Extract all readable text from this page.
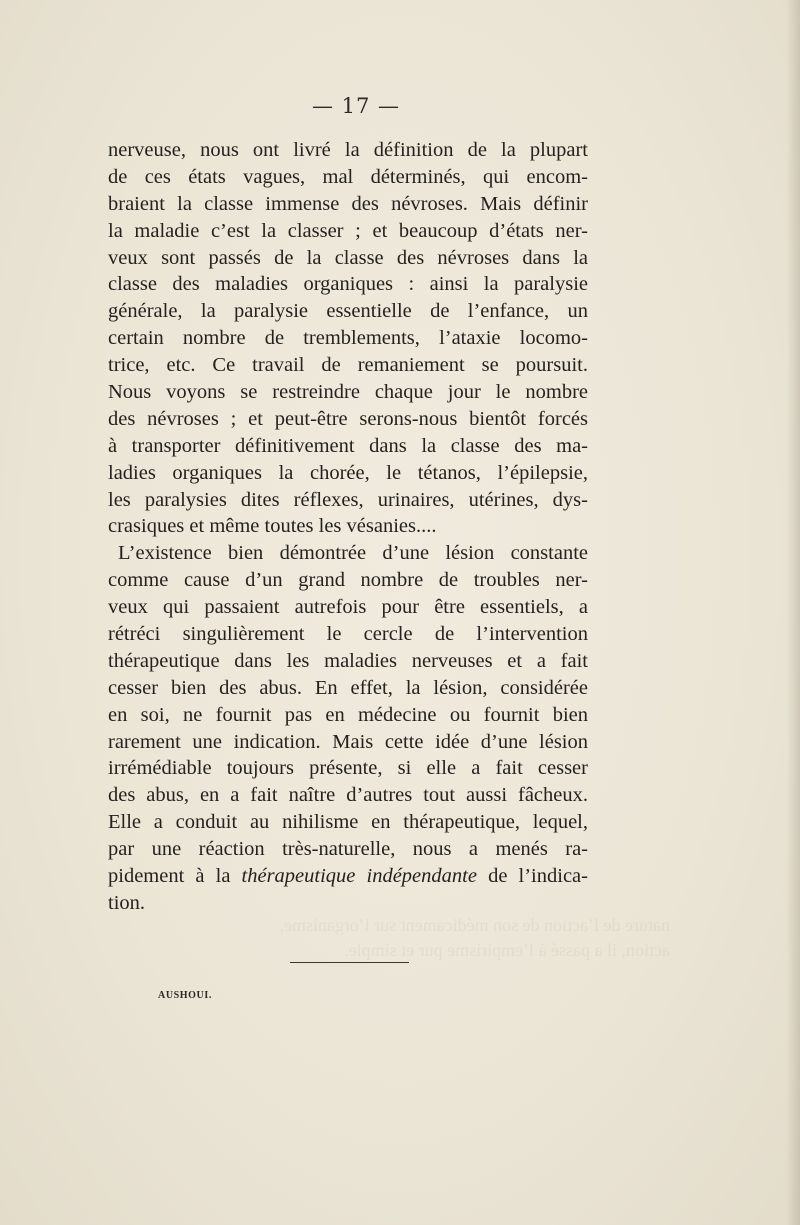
nature de l’action de son médicament sur l’organisme,
action, il a passé à l’empirisme pur et simple.
— 17 —
nerveuse, nous ont livré la définition de la plupart
de ces états vagues, mal déterminés, qui encom-
braient la classe immense des névroses. Mais définir
la maladie c’est la classer ; et beaucoup d’états ner-
veux sont passés de la classe des névroses dans la
classe des maladies organiques : ainsi la paralysie
générale, la paralysie essentielle de l’enfance, un
certain nombre de tremblements, l’ataxie locomo-
trice, etc. Ce travail de remaniement se poursuit.
Nous voyons se restreindre chaque jour le nombre
des névroses ; et peut-être serons-nous bientôt forcés
à transporter définitivement dans la classe des ma-
ladies organiques la chorée, le tétanos, l’épilepsie,
les paralysies dites réflexes, urinaires, utérines, dys-
crasiques et même toutes les vésanies....
L’existence bien démontrée d’une lésion constante
comme cause d’un grand nombre de troubles ner-
veux qui passaient autrefois pour être essentiels, a
rétréci singulièrement le cercle de l’intervention
thérapeutique dans les maladies nerveuses et a fait
cesser bien des abus. En effet, la lésion, considérée
en soi, ne fournit pas en médecine ou fournit bien
rarement une indication. Mais cette idée d’une lésion
irrémédiable toujours présente, si elle a fait cesser
des abus, en a fait naître d’autres tout aussi fâcheux.
Elle a conduit au nihilisme en thérapeutique, lequel,
par une réaction très-naturelle, nous a menés ra-
pidement à la thérapeutique indépendante de l’indica-
tion.
AUSHOUI.
